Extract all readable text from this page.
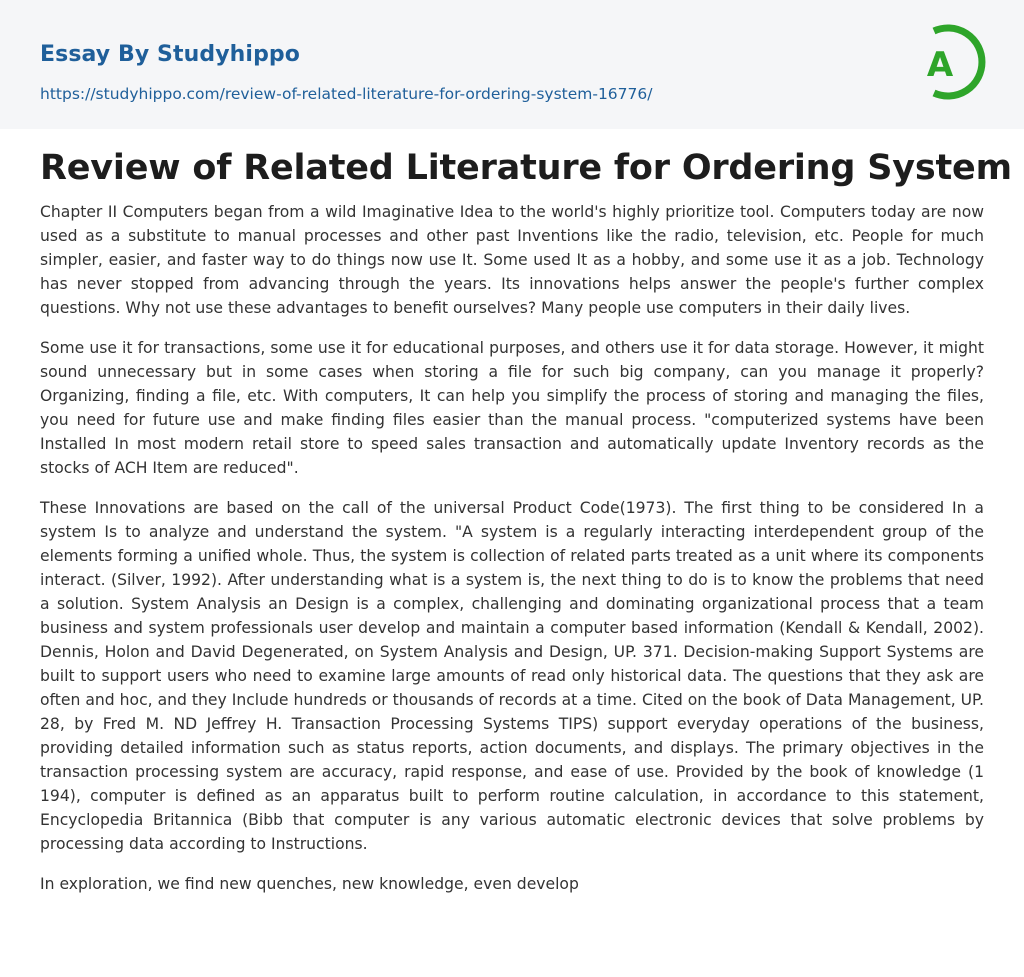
Essay By Studyhippo
https://studyhippo.com/review-of-related-literature-for-ordering-system-16776/
A
Review of Related Literature for Ordering System

Chapter II Computers began from a wild Imaginative Idea to the world's highly prioritize tool. Computers today are now used as a substitute to manual processes and other past Inventions like the radio, television, etc. People for much simpler, easier, and faster way to do things now use It. Some used It as a hobby, and some use it as a job. Technology has never stopped from advancing through the years. Its innovations helps answer the people's further complex questions. Why not use these advantages to benefit ourselves? Many people use computers in their daily lives.

Some use it for transactions, some use it for educational purposes, and others use it for data storage. However, it might sound unnecessary but in some cases when storing a file for such big company, can you manage it properly? Organizing, finding a file, etc. With computers, It can help you simplify the process of storing and managing the files, you need for future use and make finding files easier than the manual process. "computerized systems have been Installed In most modern retail store to speed sales transaction and automatically update Inventory records as the stocks of ACH Item are reduced".

These Innovations are based on the call of the universal Product Code(1973). The first thing to be considered In a system Is to analyze and understand the system. "A system is a regularly interacting interdependent group of the elements forming a unified whole. Thus, the system is collection of related parts treated as a unit where its components interact. (Silver, 1992). After understanding what is a system is, the next thing to do is to know the problems that need a solution. System Analysis an Design is a complex, challenging and dominating organizational process that a team business and system professionals user develop and maintain a computer based information (Kendall & Kendall, 2002). Dennis, Holon and David Degenerated, on System Analysis and Design, UP. 371. Decision-making Support Systems are built to support users who need to examine large amounts of read only historical data. The questions that they ask are often and hoc, and they Include hundreds or thousands of records at a time. Cited on the book of Data Management, UP. 28, by Fred M. ND Jeffrey H. Transaction Processing Systems TIPS) support everyday operations of the business, providing detailed information such as status reports, action documents, and displays. The primary objectives in the transaction processing system are accuracy, rapid response, and ease of use. Provided by the book of knowledge (1 194), computer is defined as an apparatus built to perform routine calculation, in accordance to this statement, Encyclopedia Britannica (Bibb that computer is any various automatic electronic devices that solve problems by processing data according to Instructions.

In exploration, we find new quenches, new knowledge, even develop
